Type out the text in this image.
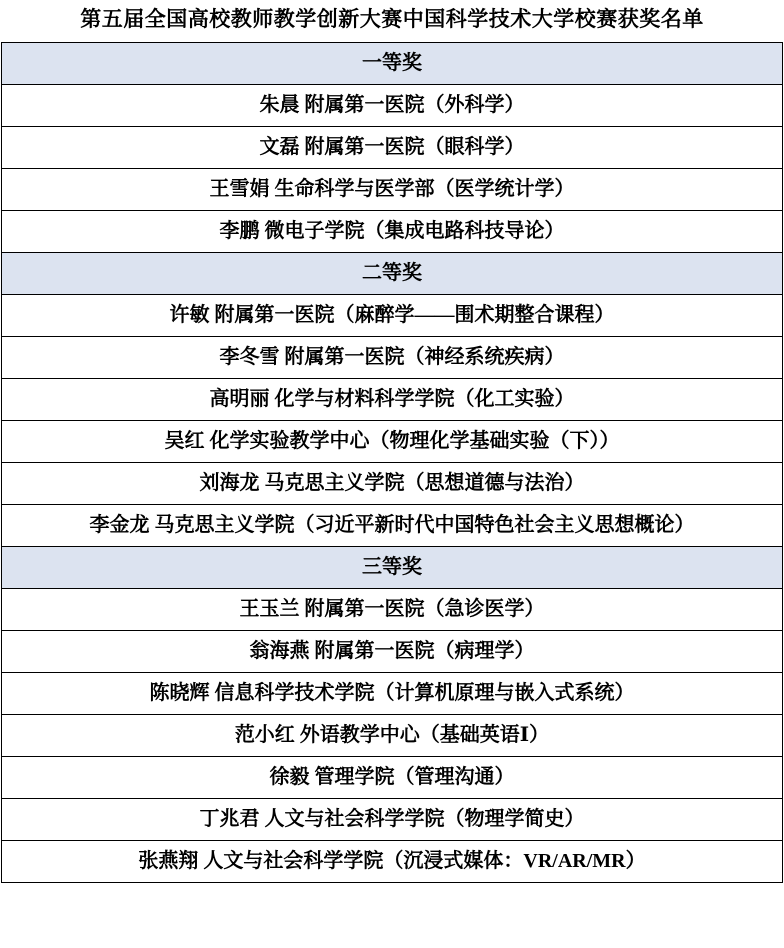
第五届全国高校教师教学创新大赛中国科学技术大学校赛获奖名单
一等奖
朱晨 附属第一医院（外科学）
文磊 附属第一医院（眼科学）
王雪娟 生命科学与医学部（医学统计学）
李鹏 微电子学院（集成电路科技导论）
二等奖
许敏 附属第一医院（麻醉学——围术期整合课程）
李冬雪 附属第一医院（神经系统疾病）
高明丽 化学与材料科学学院（化工实验）
吴红 化学实验教学中心（物理化学基础实验（下））
刘海龙 马克思主义学院（思想道德与法治）
李金龙 马克思主义学院（习近平新时代中国特色社会主义思想概论）
三等奖
王玉兰 附属第一医院（急诊医学）
翁海燕 附属第一医院（病理学）
陈晓辉 信息科学技术学院（计算机原理与嵌入式系统）
范小红 外语教学中心（基础英语Ⅰ）
徐毅 管理学院（管理沟通）
丁兆君 人文与社会科学学院（物理学简史）
张燕翔 人文与社会科学学院（沉浸式媒体：VR/AR/MR）
